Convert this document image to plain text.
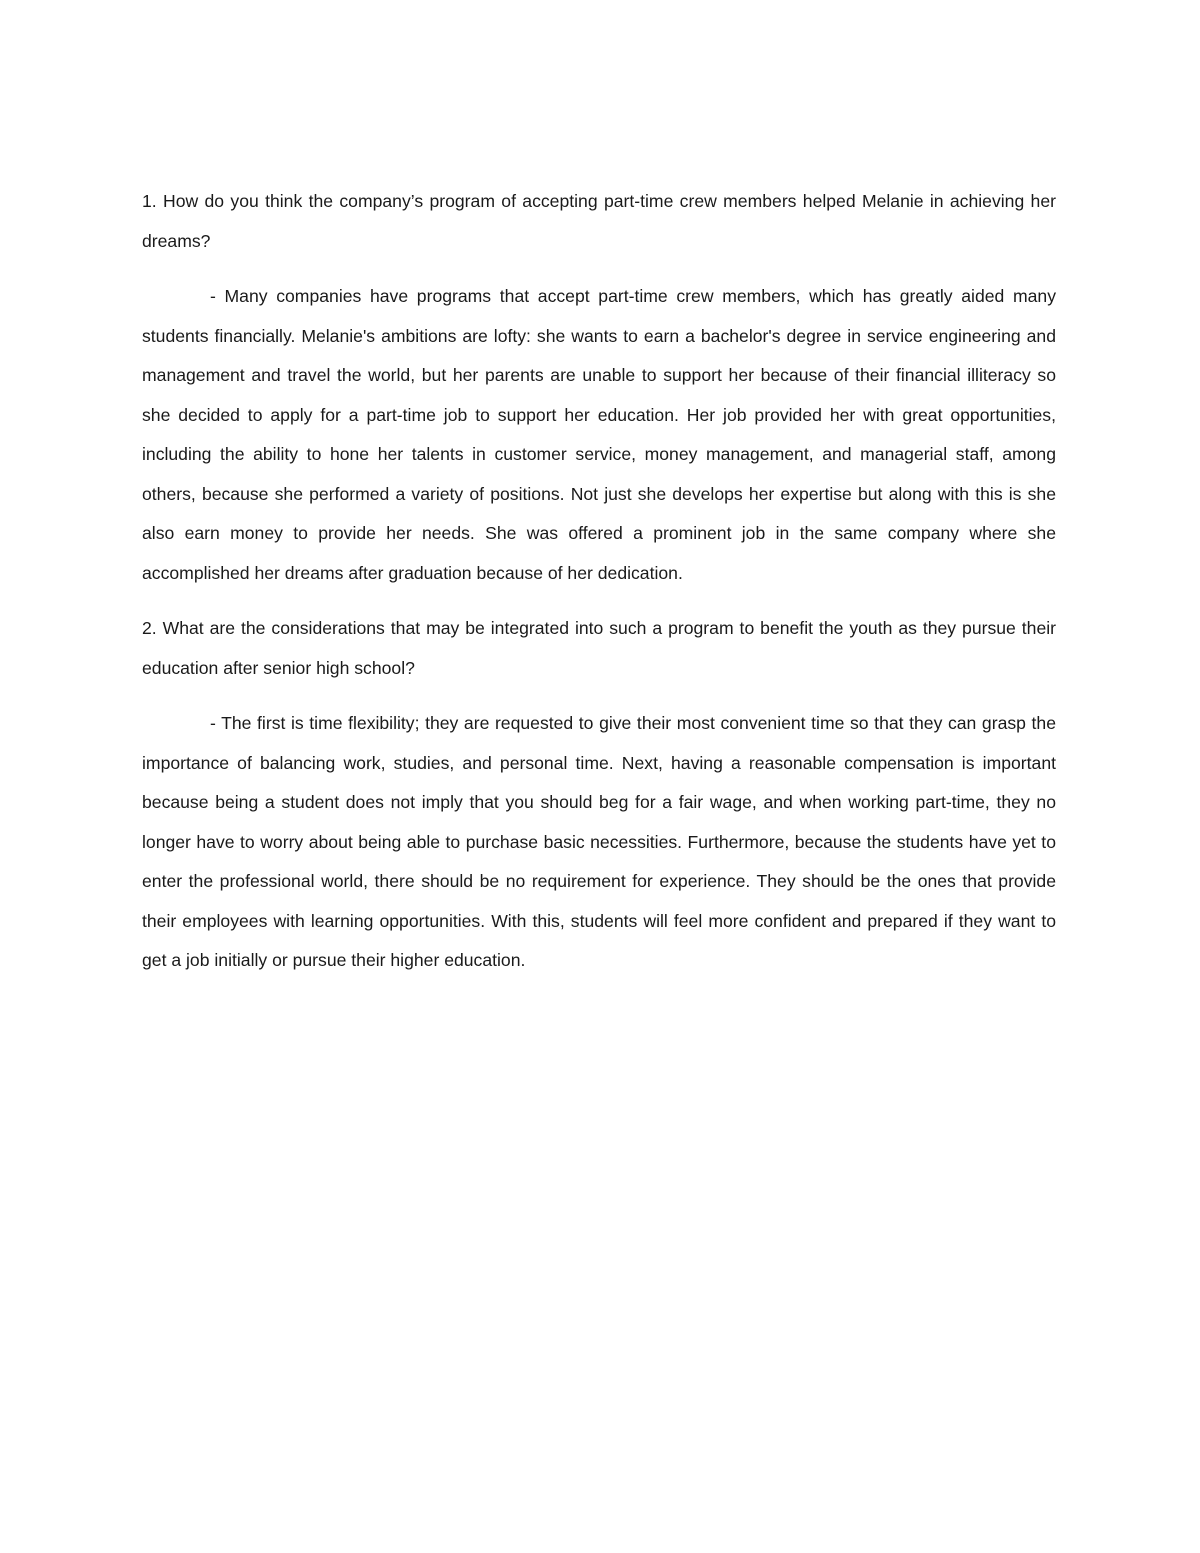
1. How do you think the company’s program of accepting part-time crew members helped Melanie in achieving her dreams?

- Many companies have programs that accept part-time crew members, which has greatly aided many students financially. Melanie's ambitions are lofty: she wants to earn a bachelor's degree in service engineering and management and travel the world, but her parents are unable to support her because of their financial illiteracy so she decided to apply for a part-time job to support her education. Her job provided her with great opportunities, including the ability to hone her talents in customer service, money management, and managerial staff, among others, because she performed a variety of positions. Not just she develops her expertise but along with this is she also earn money to provide her needs. She was offered a prominent job in the same company where she accomplished her dreams after graduation because of her dedication.

2. What are the considerations that may be integrated into such a program to benefit the youth as they pursue their education after senior high school?

- The first is time flexibility; they are requested to give their most convenient time so that they can grasp the importance of balancing work, studies, and personal time. Next, having a reasonable compensation is important because being a student does not imply that you should beg for a fair wage, and when working part-time, they no longer have to worry about being able to purchase basic necessities. Furthermore, because the students have yet to enter the professional world, there should be no requirement for experience. They should be the ones that provide their employees with learning opportunities. With this, students will feel more confident and prepared if they want to get a job initially or pursue their higher education.
